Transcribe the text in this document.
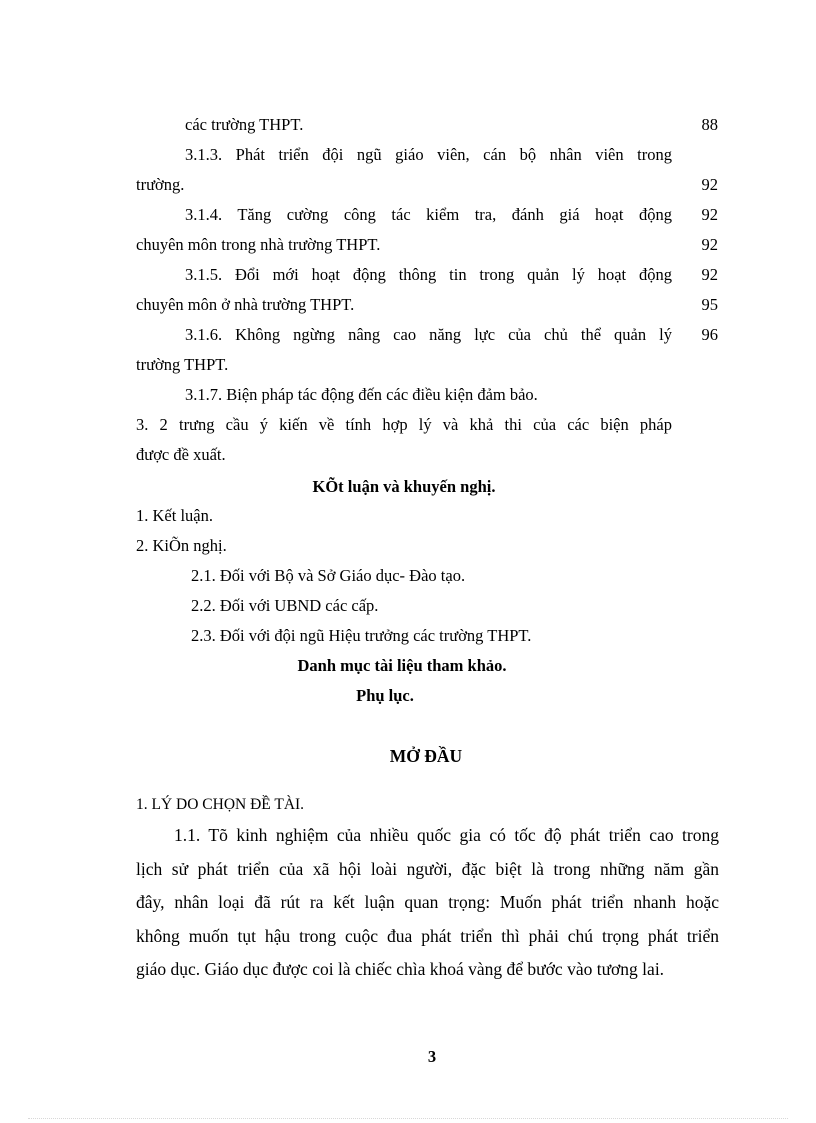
các trường THPT.	88
3.1.3. Phát triển đội ngũ giáo viên, cán bộ nhân viên trong
trường.	92
3.1.4. Tăng cường công tác kiểm tra, đánh giá hoạt động 92
chuyên môn trong nhà trường THPT.	92
3.1.5. Đổi mới hoạt động thông tin trong quản lý hoạt động 92
chuyên môn ở nhà trường THPT.	95
3.1.6. Không ngừng nâng cao năng lực của chủ thể quản lý 96
trường THPT.
3.1.7. Biện pháp tác động đến các điều kiện đảm bảo.
3. 2 trưng cầu ý kiến về tính hợp lý và khả thi của các biện pháp
được đề xuất.
KÕt luận và khuyến nghị.
1. Kết luận.
2. KiÕn nghị.
2.1. Đối với Bộ và Sở Giáo dục- Đào tạo.
2.2. Đối với UBND các cấp.
2.3. Đối với đội ngũ Hiệu trưởng các trường THPT.
Danh mục tài liệu tham khảo.
Phụ lục.
MỞ ĐẦU
1. LÝ DO CHỌN ĐỀ TÀI.
1.1. Tõ kinh nghiệm của nhiều quốc gia có tốc độ phát triển cao trong
lịch sử phát triển của xã hội loài người, đặc biệt là trong những năm gần
đây, nhân loại đã rút ra kết luận quan trọng: Muốn phát triển nhanh hoặc
không muốn tụt hậu trong cuộc đua phát triển thì phải chú trọng phát triển
giáo dục. Giáo dục được coi là chiếc chìa khoá vàng để bước vào tương lai.
3
